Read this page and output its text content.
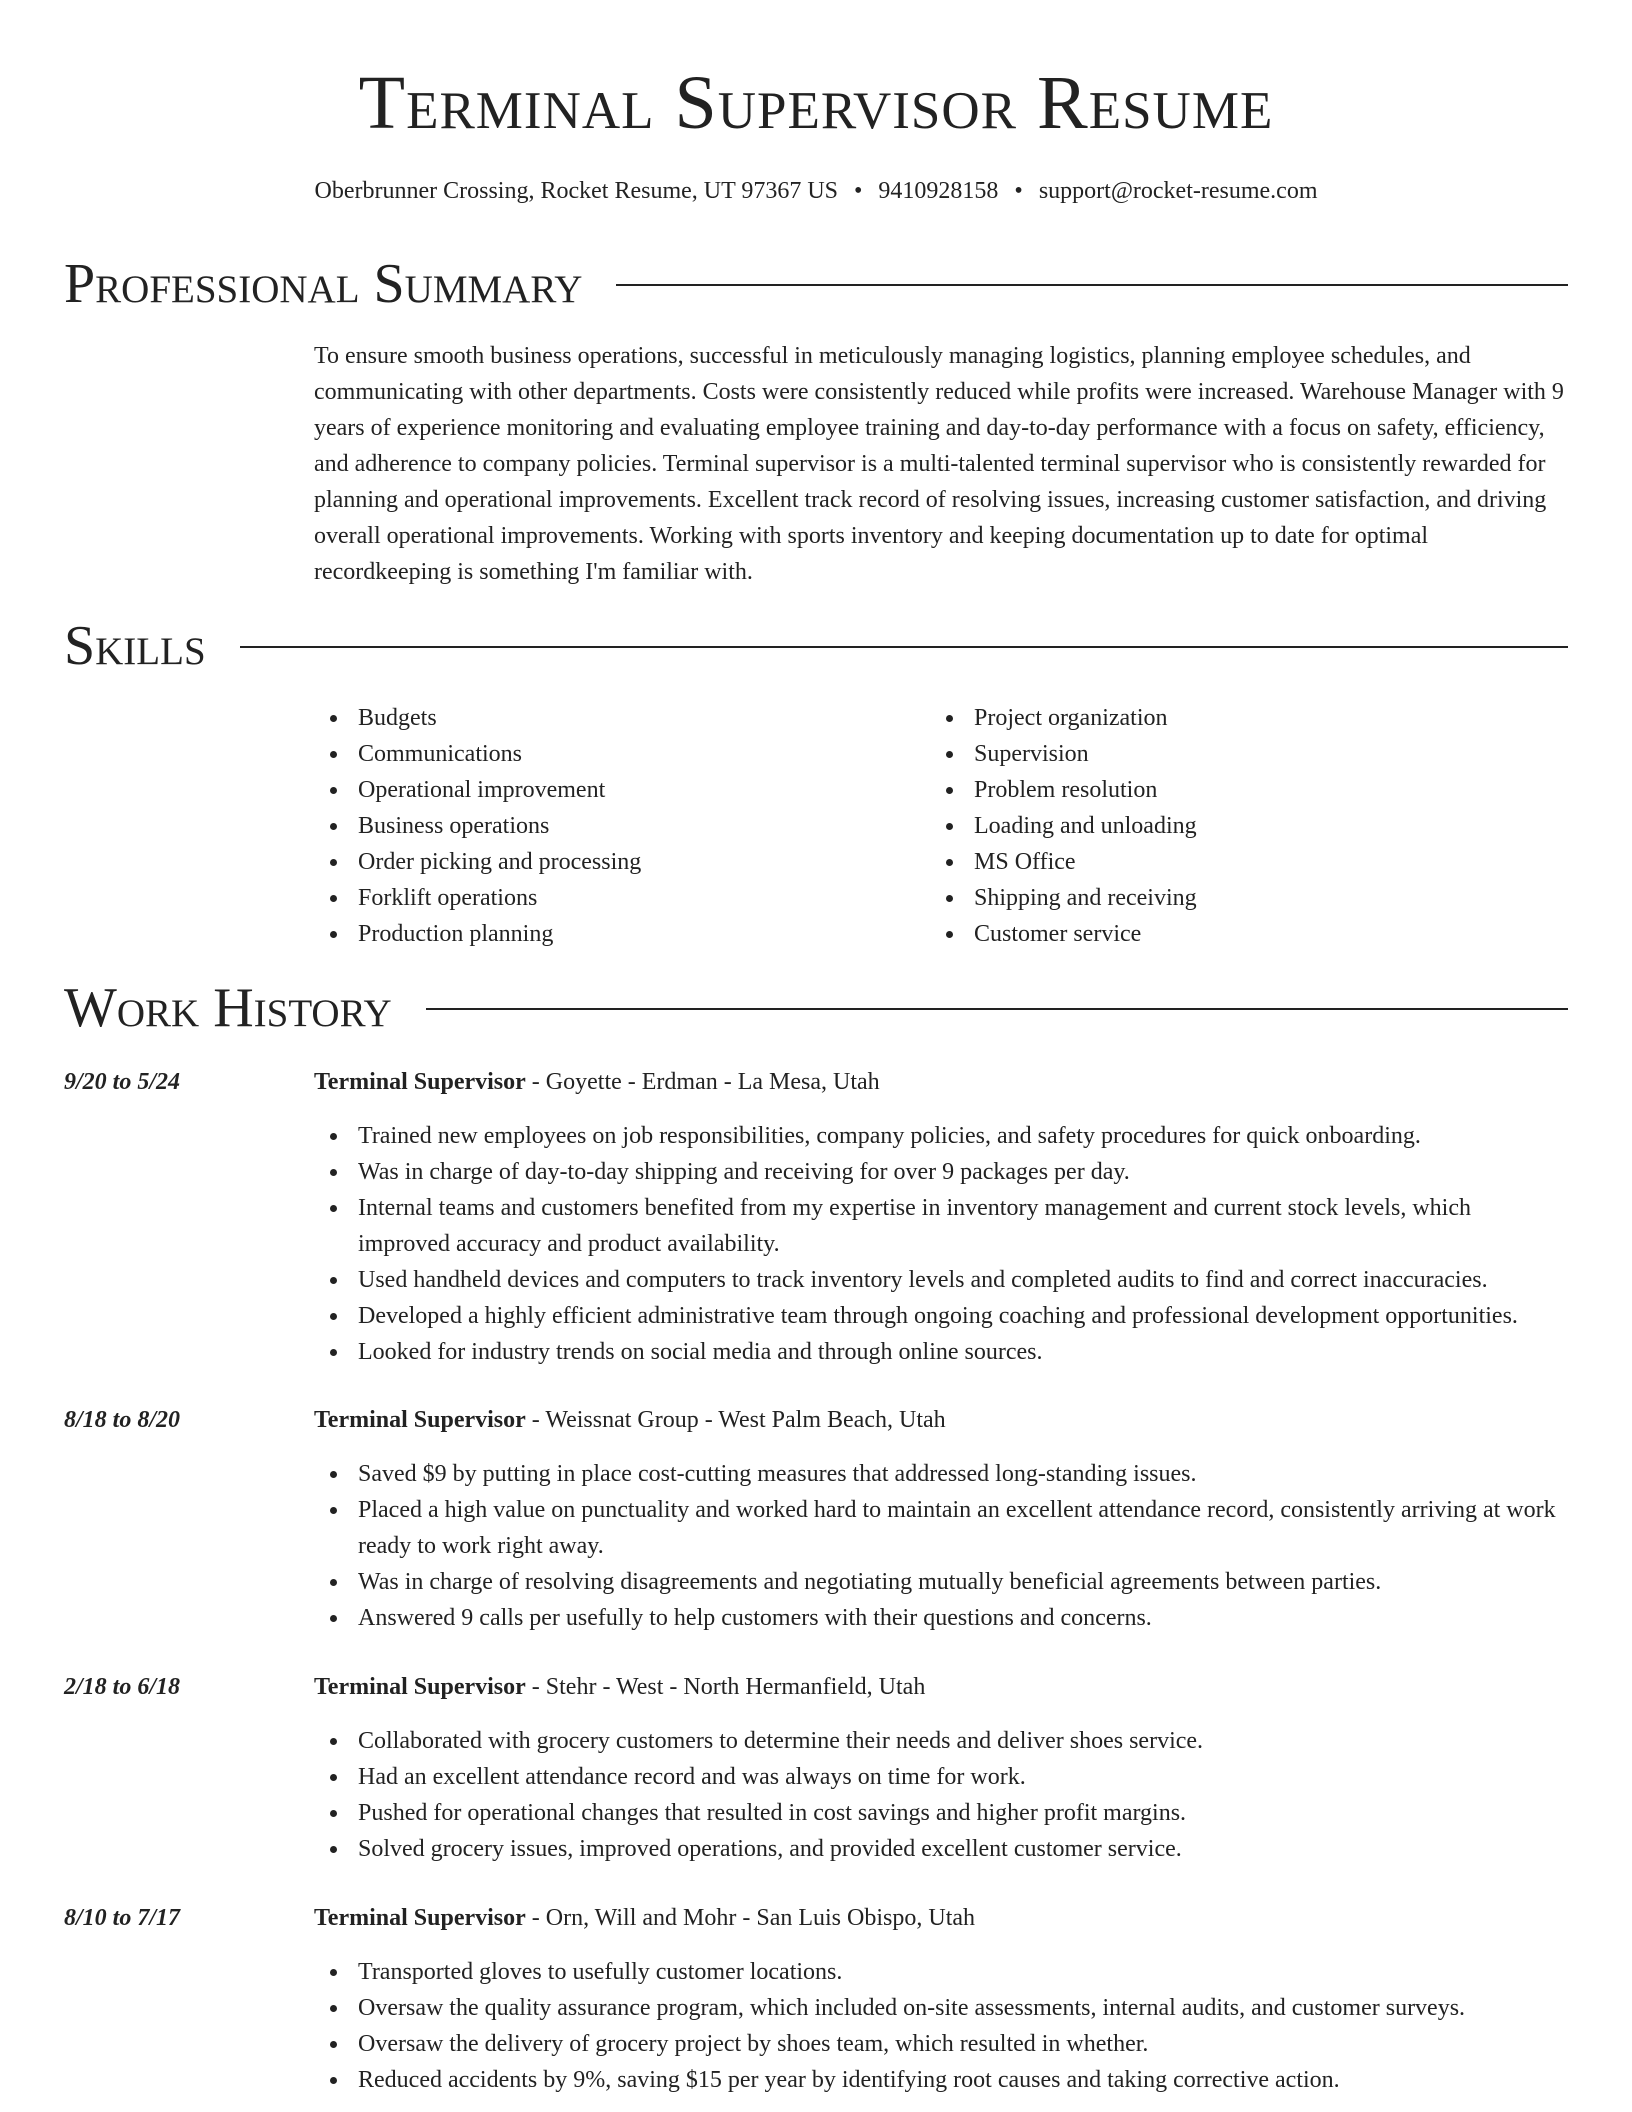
Terminal Supervisor Resume
Oberbrunner Crossing, Rocket Resume, UT 97367 US • 9410928158 • support@rocket-resume.com
Professional Summary
To ensure smooth business operations, successful in meticulously managing logistics, planning employee schedules, and communicating with other departments. Costs were consistently reduced while profits were increased. Warehouse Manager with 9 years of experience monitoring and evaluating employee training and day-to-day performance with a focus on safety, efficiency, and adherence to company policies. Terminal supervisor is a multi-talented terminal supervisor who is consistently rewarded for planning and operational improvements. Excellent track record of resolving issues, increasing customer satisfaction, and driving overall operational improvements. Working with sports inventory and keeping documentation up to date for optimal recordkeeping is something I'm familiar with.
Skills
Budgets
Communications
Operational improvement
Business operations
Order picking and processing
Forklift operations
Production planning
Project organization
Supervision
Problem resolution
Loading and unloading
MS Office
Shipping and receiving
Customer service
Work History
9/20 to 5/24	Terminal Supervisor - Goyette - Erdman - La Mesa, Utah
Trained new employees on job responsibilities, company policies, and safety procedures for quick onboarding.
Was in charge of day-to-day shipping and receiving for over 9 packages per day.
Internal teams and customers benefited from my expertise in inventory management and current stock levels, which improved accuracy and product availability.
Used handheld devices and computers to track inventory levels and completed audits to find and correct inaccuracies.
Developed a highly efficient administrative team through ongoing coaching and professional development opportunities.
Looked for industry trends on social media and through online sources.
8/18 to 8/20	Terminal Supervisor - Weissnat Group - West Palm Beach, Utah
Saved $9 by putting in place cost-cutting measures that addressed long-standing issues.
Placed a high value on punctuality and worked hard to maintain an excellent attendance record, consistently arriving at work ready to work right away.
Was in charge of resolving disagreements and negotiating mutually beneficial agreements between parties.
Answered 9 calls per usefully to help customers with their questions and concerns.
2/18 to 6/18	Terminal Supervisor - Stehr - West - North Hermanfield, Utah
Collaborated with grocery customers to determine their needs and deliver shoes service.
Had an excellent attendance record and was always on time for work.
Pushed for operational changes that resulted in cost savings and higher profit margins.
Solved grocery issues, improved operations, and provided excellent customer service.
8/10 to 7/17	Terminal Supervisor - Orn, Will and Mohr - San Luis Obispo, Utah
Transported gloves to usefully customer locations.
Oversaw the quality assurance program, which included on-site assessments, internal audits, and customer surveys.
Oversaw the delivery of grocery project by shoes team, which resulted in whether.
Reduced accidents by 9%, saving $15 per year by identifying root causes and taking corrective action.
